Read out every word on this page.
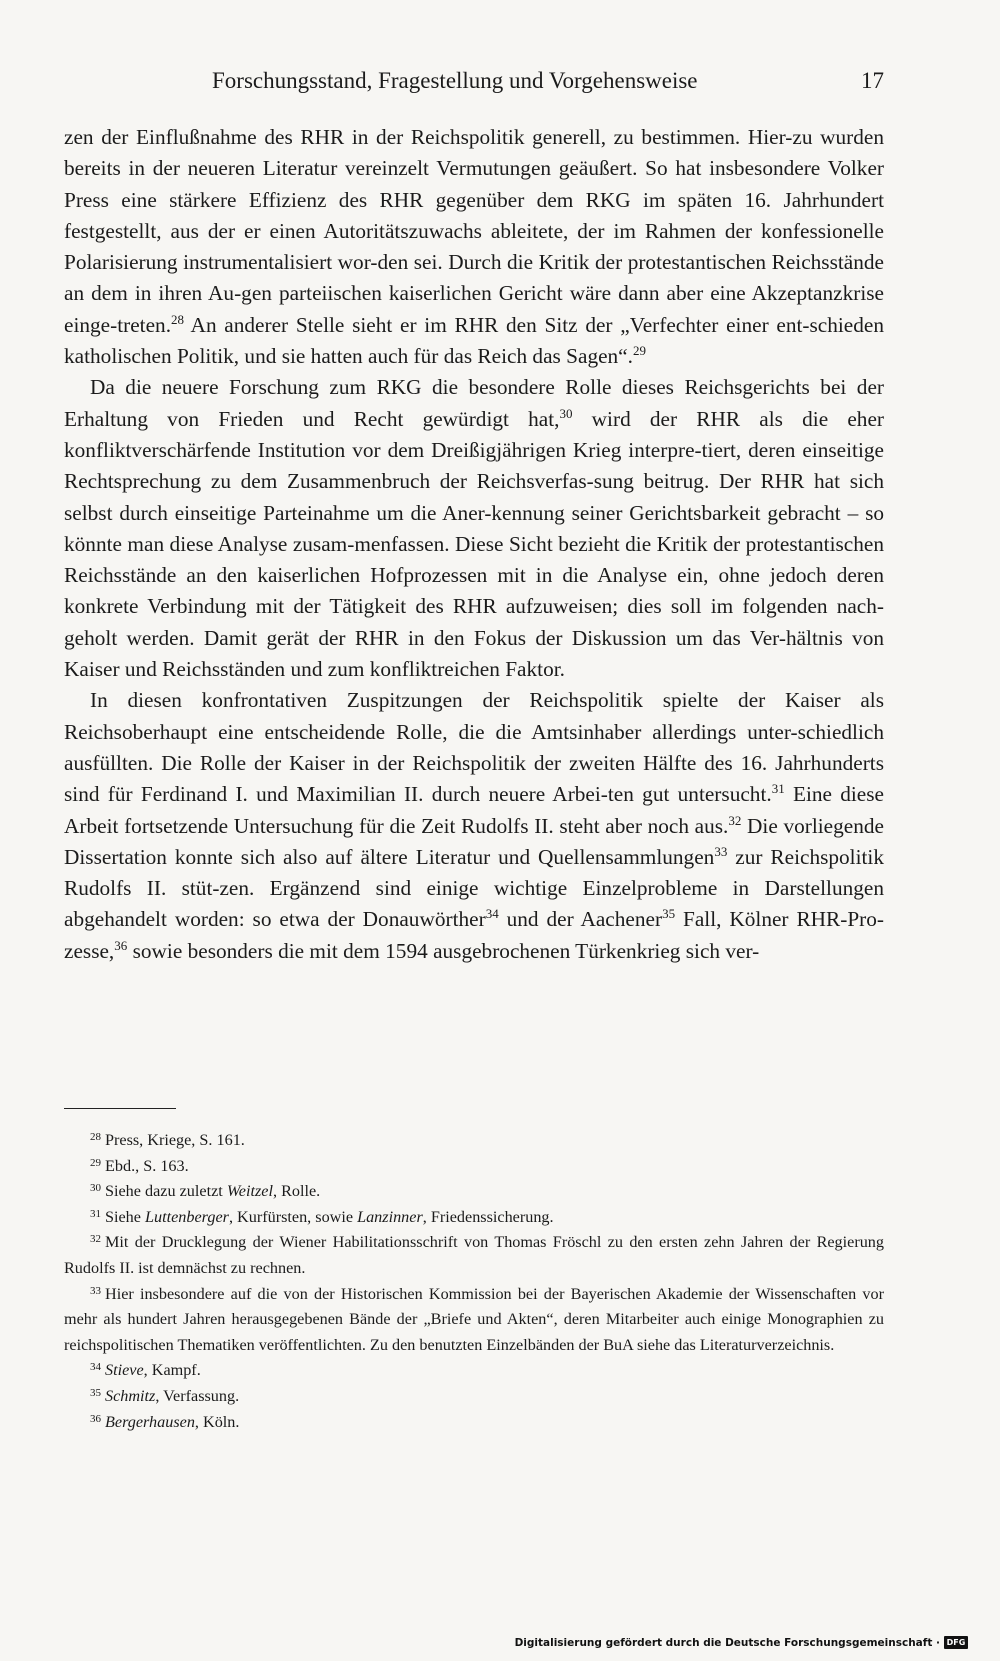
Forschungsstand, Fragestellung und Vorgehensweise	17

zen der Einflußnahme des RHR in der Reichspolitik generell, zu bestimmen. Hier-zu wurden bereits in der neueren Literatur vereinzelt Vermutungen geäußert. So hat insbesondere Volker Press eine stärkere Effizienz des RHR gegenüber dem RKG im späten 16. Jahrhundert festgestellt, aus der er einen Autoritätszuwachs ableitete, der im Rahmen der konfessionelle Polarisierung instrumentalisiert wor-den sei. Durch die Kritik der protestantischen Reichsstände an dem in ihren Au-gen parteiischen kaiserlichen Gericht wäre dann aber eine Akzeptanzkrise einge-treten.$^{28}$ An anderer Stelle sieht er im RHR den Sitz der „Verfechter einer ent-schieden katholischen Politik, und sie hatten auch für das Reich das Sagen“.$^{29}$

Da die neuere Forschung zum RKG die besondere Rolle dieses Reichsgerichts bei der Erhaltung von Frieden und Recht gewürdigt hat,$^{30}$ wird der RHR als die eher konfliktverschärfende Institution vor dem Dreißigjährigen Krieg interpre-tiert, deren einseitige Rechtsprechung zu dem Zusammenbruch der Reichsverfas-sung beitrug. Der RHR hat sich selbst durch einseitige Parteinahme um die Aner-kennung seiner Gerichtsbarkeit gebracht – so könnte man diese Analyse zusam-menfassen. Diese Sicht bezieht die Kritik der protestantischen Reichsstände an den kaiserlichen Hofprozessen mit in die Analyse ein, ohne jedoch deren konkrete Verbindung mit der Tätigkeit des RHR aufzuweisen; dies soll im folgenden nach-geholt werden. Damit gerät der RHR in den Fokus der Diskussion um das Ver-hältnis von Kaiser und Reichsständen und zum konfliktreichen Faktor.

In diesen konfrontativen Zuspitzungen der Reichspolitik spielte der Kaiser als Reichsoberhaupt eine entscheidende Rolle, die die Amtsinhaber allerdings unter-schiedlich ausfüllten. Die Rolle der Kaiser in der Reichspolitik der zweiten Hälfte des 16. Jahrhunderts sind für Ferdinand I. und Maximilian II. durch neuere Arbei-ten gut untersucht.$^{31}$ Eine diese Arbeit fortsetzende Untersuchung für die Zeit Rudolfs II. steht aber noch aus.$^{32}$ Die vorliegende Dissertation konnte sich also auf ältere Literatur und Quellensammlungen$^{33}$ zur Reichspolitik Rudolfs II. stüt-zen. Ergänzend sind einige wichtige Einzelprobleme in Darstellungen abgehandelt worden: so etwa der Donauwörther$^{34}$ und der Aachener$^{35}$ Fall, Kölner RHR-Pro-zesse,$^{36}$ sowie besonders die mit dem 1594 ausgebrochenen Türkenkrieg sich ver-

$^{28}$ Press, Kriege, S. 161.

$^{29}$ Ebd., S. 163.

$^{30}$ Siehe dazu zuletzt Weitzel, Rolle.

$^{31}$ Siehe Luttenberger, Kurfürsten, sowie Lanzinner, Friedenssicherung.

$^{32}$ Mit der Drucklegung der Wiener Habilitationsschrift von Thomas Fröschl zu den ersten zehn Jahren der Regierung Rudolfs II. ist demnächst zu rechnen.

$^{33}$ Hier insbesondere auf die von der Historischen Kommission bei der Bayerischen Akademie der Wissenschaften vor mehr als hundert Jahren herausgegebenen Bände der „Briefe und Akten“, deren Mitarbeiter auch einige Monographien zu reichspolitischen Thematiken veröffentlichten. Zu den benutzten Einzelbänden der BuA siehe das Literaturverzeichnis.

$^{34}$ Stieve, Kampf.

$^{35}$ Schmitz, Verfassung.

$^{36}$ Bergerhausen, Köln.

Digitalisierung gefördert durch die Deutsche Forschungsgemeinschaft · DFG
